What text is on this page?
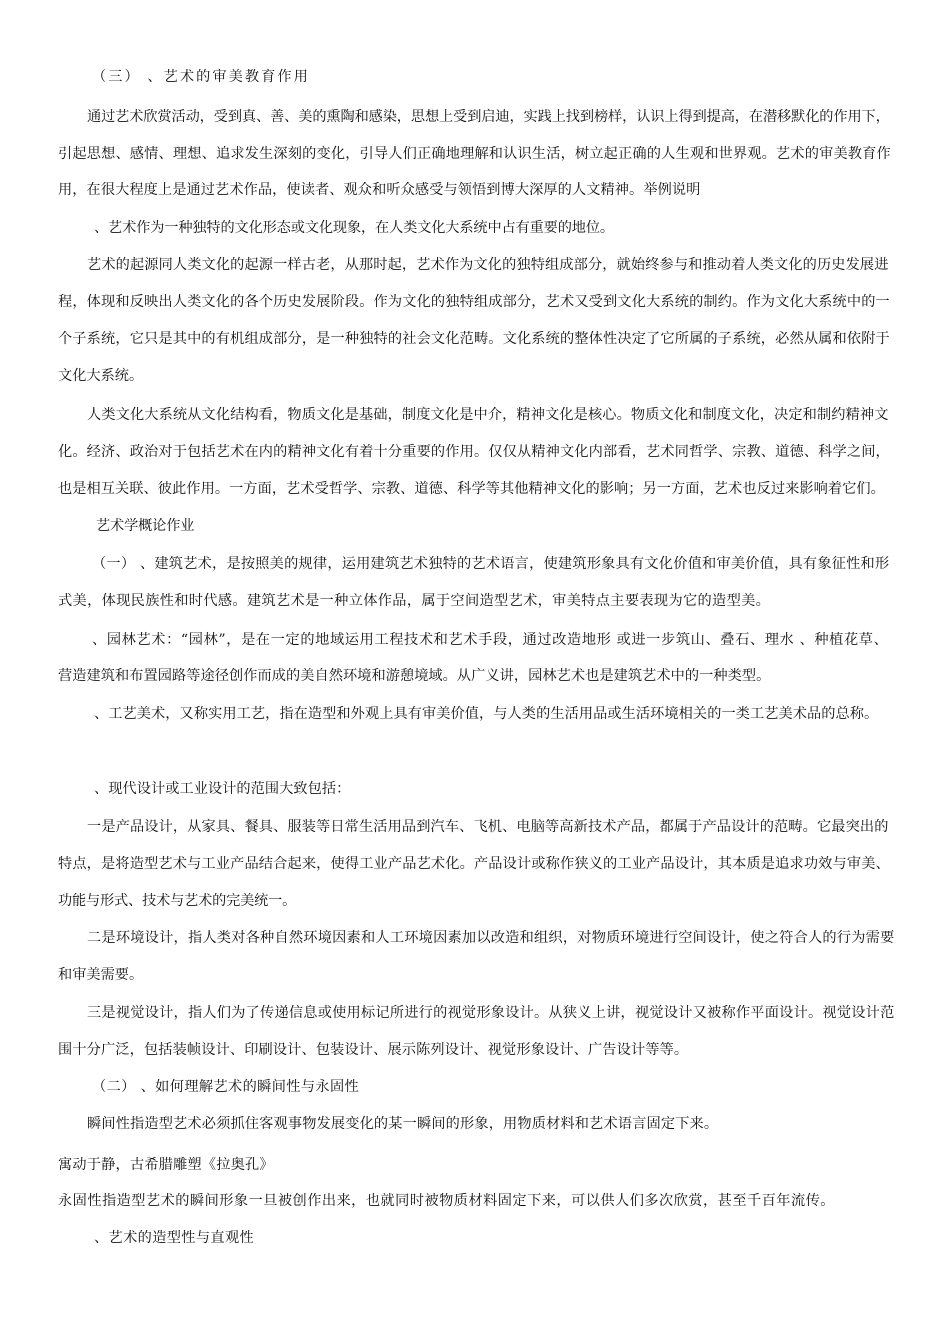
（三） 、艺术的审美教育作用
通过艺术欣赏活动，受到真、善、美的熏陶和感染，思想上受到启迪，实践上找到榜样，认识上得到提高，在潜移默化的作用下，
引起思想、感情、理想、追求发生深刻的变化，引导人们正确地理解和认识生活，树立起正确的人生观和世界观。艺术的审美教育作
用，在很大程度上是通过艺术作品，使读者、观众和听众感受与领悟到博大深厚的人文精神。举例说明
、艺术作为一种独特的文化形态或文化现象，在人类文化大系统中占有重要的地位。
艺术的起源同人类文化的起源一样古老，从那时起，艺术作为文化的独特组成部分，就始终参与和推动着人类文化的历史发展进
程，体现和反映出人类文化的各个历史发展阶段。作为文化的独特组成部分，艺术又受到文化大系统的制约。作为文化大系统中的一
个子系统，它只是其中的有机组成部分，是一种独特的社会文化范畴。文化系统的整体性决定了它所属的子系统，必然从属和依附于
文化大系统。
人类文化大系统从文化结构看，物质文化是基础，制度文化是中介，精神文化是核心。物质文化和制度文化，决定和制约精神文
化。经济、政治对于包括艺术在内的精神文化有着十分重要的作用。仅仅从精神文化内部看，艺术同哲学、宗教、道德、科学之间，
也是相互关联、彼此作用。一方面，艺术受哲学、宗教、道德、科学等其他精神文化的影响；另一方面，艺术也反过来影响着它们。
艺术学概论作业
（一） 、建筑艺术，是按照美的规律，运用建筑艺术独特的艺术语言，使建筑形象具有文化价值和审美价值，具有象征性和形
式美，体现民族性和时代感。建筑艺术是一种立体作品，属于空间造型艺术，审美特点主要表现为它的造型美。
、园林艺术：“园林”，是在一定的地域运用工程技术和艺术手段，通过改造地形 或进一步筑山、叠石、理水 、种植花草、
营造建筑和布置园路等途径创作而成的美自然环境和游憩境域。从广义讲，园林艺术也是建筑艺术中的一种类型。
、工艺美术，又称实用工艺，指在造型和外观上具有审美价值，与人类的生活用品或生活环境相关的一类工艺美术品的总称。
、现代设计或工业设计的范围大致包括：
一是产品设计，从家具、餐具、服装等日常生活用品到汽车、飞机、电脑等高新技术产品，都属于产品设计的范畴。它最突出的
特点，是将造型艺术与工业产品结合起来，使得工业产品艺术化。产品设计或称作狭义的工业产品设计，其本质是追求功效与审美、
功能与形式、技术与艺术的完美统一。
二是环境设计，指人类对各种自然环境因素和人工环境因素加以改造和组织，对物质环境进行空间设计，使之符合人的行为需要
和审美需要。
三是视觉设计，指人们为了传递信息或使用标记所进行的视觉形象设计。从狭义上讲，视觉设计又被称作平面设计。视觉设计范
围十分广泛，包括装帧设计、印刷设计、包装设计、展示陈列设计、视觉形象设计、广告设计等等。
（二） 、如何理解艺术的瞬间性与永固性
瞬间性指造型艺术必须抓住客观事物发展变化的某一瞬间的形象，用物质材料和艺术语言固定下来。
寓动于静，古希腊雕塑《拉奥孔》
永固性指造型艺术的瞬间形象一旦被创作出来，也就同时被物质材料固定下来，可以供人们多次欣赏，甚至千百年流传。
、艺术的造型性与直观性
